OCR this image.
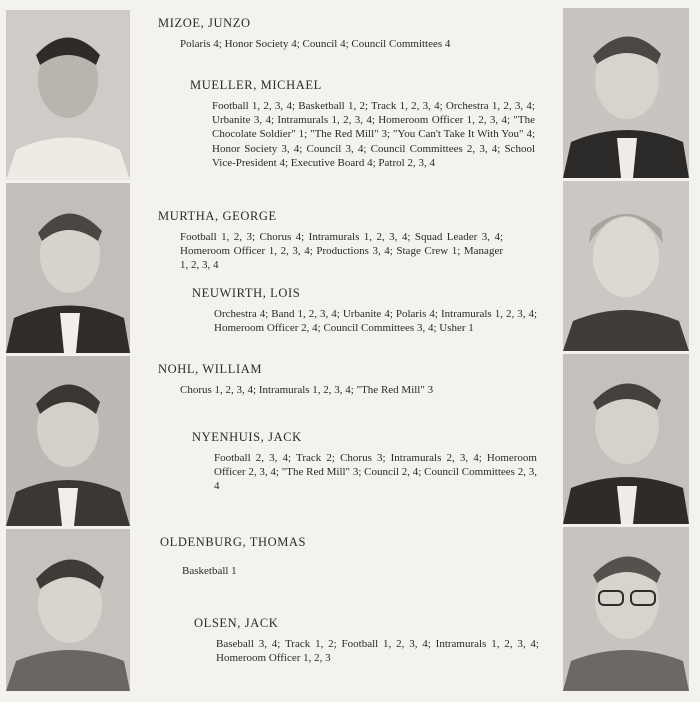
MIZOE, JUNZO
Polaris 4; Honor Society 4; Council 4; Council Committees 4
MUELLER, MICHAEL
Football 1, 2, 3, 4; Basketball 1, 2; Track 1, 2, 3, 4; Orchestra 1, 2, 3, 4; Urbanite 3, 4; Intramurals 1, 2, 3, 4; Homeroom Officer 1, 2, 3, 4; "The Chocolate Soldier" 1; "The Red Mill" 3; "You Can't Take It With You" 4; Honor Society 3, 4; Council 3, 4; Council Committees 2, 3, 4; School Vice-President 4; Executive Board 4; Patrol 2, 3, 4
MURTHA, GEORGE
Football 1, 2, 3; Chorus 4; Intramurals 1, 2, 3, 4; Squad Leader 3, 4; Homeroom Officer 1, 2, 3, 4; Productions 3, 4; Stage Crew 1; Manager 1, 2, 3, 4
NEUWIRTH, LOIS
Orchestra 4; Band 1, 2, 3, 4; Urbanite 4; Polaris 4; Intramurals 1, 2, 3, 4; Homeroom Officer 2, 4; Council Committees 3, 4; Usher 1
NOHL, WILLIAM
Chorus 1, 2, 3, 4; Intramurals 1, 2, 3, 4; "The Red Mill" 3
NYENHUIS, JACK
Football 2, 3, 4; Track 2; Chorus 3; Intramurals 2, 3, 4; Homeroom Officer 2, 3, 4; "The Red Mill" 3; Council 2, 4; Council Committees 2, 3, 4
OLDENBURG, THOMAS
Basketball 1
OLSEN, JACK
Baseball 3, 4; Track 1, 2; Football 1, 2, 3, 4; Intramurals 1, 2, 3, 4; Homeroom Officer 1, 2, 3
